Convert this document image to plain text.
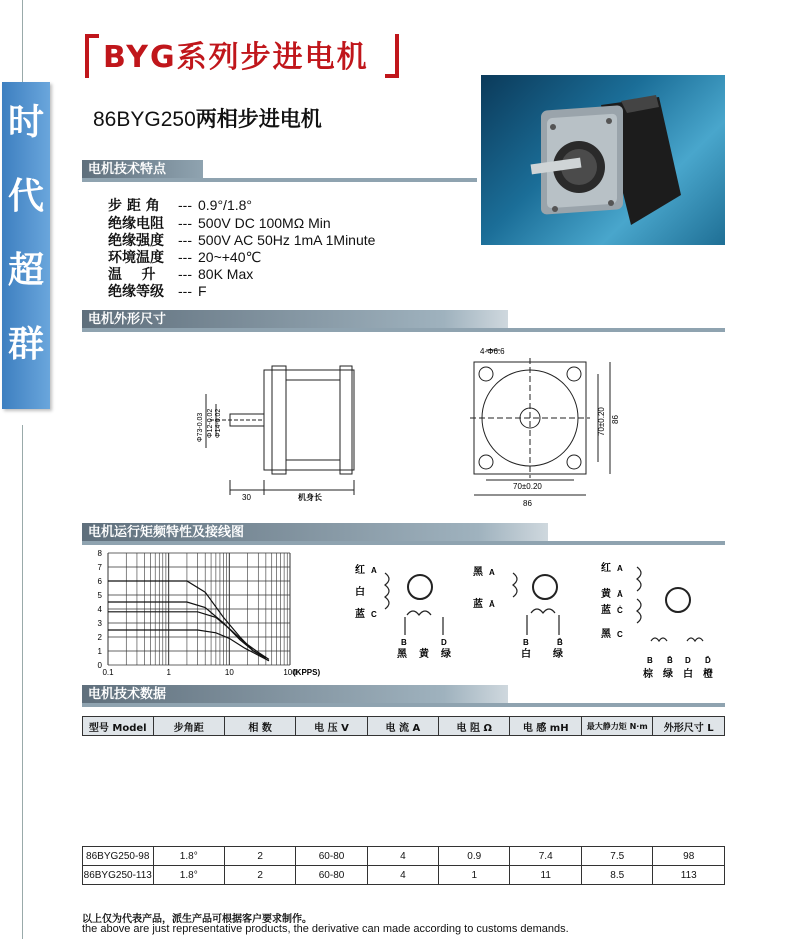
时
代
超
群
BYG系列步进电机
86BYG250两相步进电机
电机技术特点
步 距 角 --- 0.9°/1.8°
绝缘电阻 --- 500V DC 100MΩ Min
绝缘强度 --- 500V AC 50Hz 1mA 1Minute
环境温度 --- 20~+40℃
温    升 --- 80K Max
绝缘等级 --- F
电机外形尺寸
4-Φ6.6
70±0.20
86
70±0.20 86
30	机身长
Φ73-0.03 Φ12-0.02 Φ14-0.02
电机运行矩频特性及接线图
0
1
2
3
4
5
6
7
8
0.1	1	10	100
(KPPS)
红
白
蓝
A
C
B	D
黑 黄 绿
黑
蓝
A
Ā
B	B̄
白 绿
红
黄
蓝
黑
A
Ā
Ċ
C
B B̄ D D̄
棕 绿 白 橙
电机技术数据
型号 Model	步角距	相 数	电 压 V	电 流 A	电 阻 Ω	电 感 mH	最大静力矩 N·m	外形尺寸 L

86BYG250-98	1.8°	2	60-80	4	0.9	7.4	7.5	98
86BYG250-113	1.8°	2	60-80	4	1	11	8.5	113
以上仅为代表产品，派生产品可根据客户要求制作。
the above are just representative products, the derivative can made according to customs demands.
